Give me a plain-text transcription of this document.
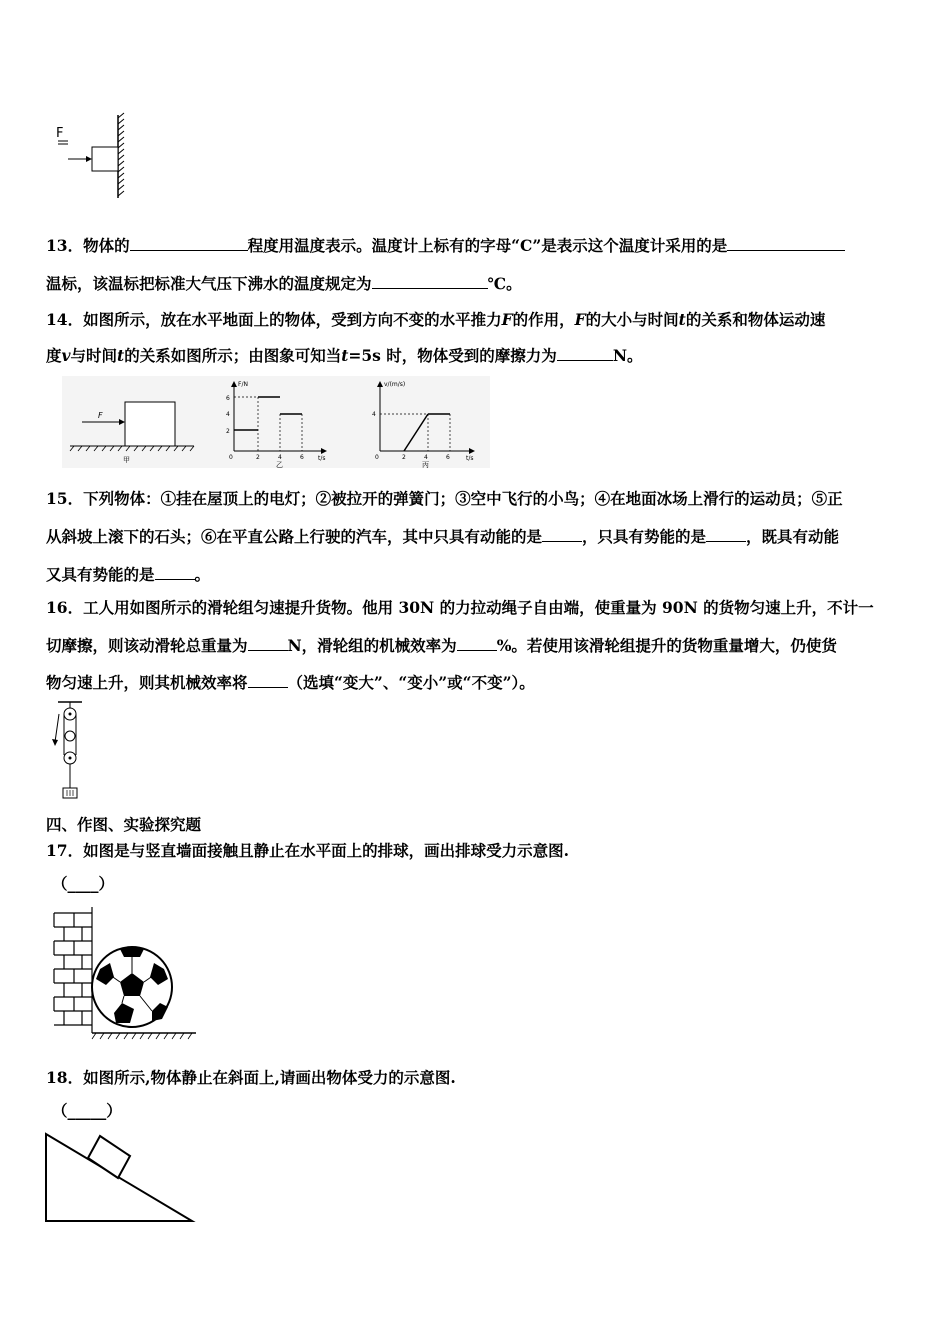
F
13．物体的	程度用温度表示。温度计上标有的字母“C”是表示这个温度计采用的是
温标，该温标把标准大气压下沸水的温度规定为	℃。
14．如图所示，放在水平地面上的物体，受到方向不变的水平推力F的作用，F的大小与时间t的关系和物体运动速
度v与时间t的关系如图所示；由图象可知当t=5s 时，物体受到的摩擦力为	N。
F
甲
F/N
t/s
6
4
2
0	2	4	6
乙
v/(m/s)
t/s
4
0	2	4	6
丙
15．下列物体：①挂在屋顶上的电灯；②被拉开的弹簧门；③空中飞行的小鸟；④在地面冰场上滑行的运动员；⑤正
从斜坡上滚下的石头；⑥在平直公路上行驶的汽车，其中只具有动能的是	，只具有势能的是	，既具有动能
又具有势能的是	。
16．工人用如图所示的滑轮组匀速提升货物。他用 30N 的力拉动绳子自由端，使重量为 90N 的货物匀速上升，不计一
切摩擦，则该动滑轮总重量为	N，滑轮组的机械效率为	%。若使用该滑轮组提升的货物重量增大，仍使货
物匀速上升，则其机械效率将	（选填“变大”、“变小”或“不变”）。
四、作图、实验探究题
17．如图是与竖直墙面接触且静止在水平面上的排球，画出排球受力示意图.
（____）
18．如图所示,物体静止在斜面上,请画出物体受力的示意图.
（_____）
